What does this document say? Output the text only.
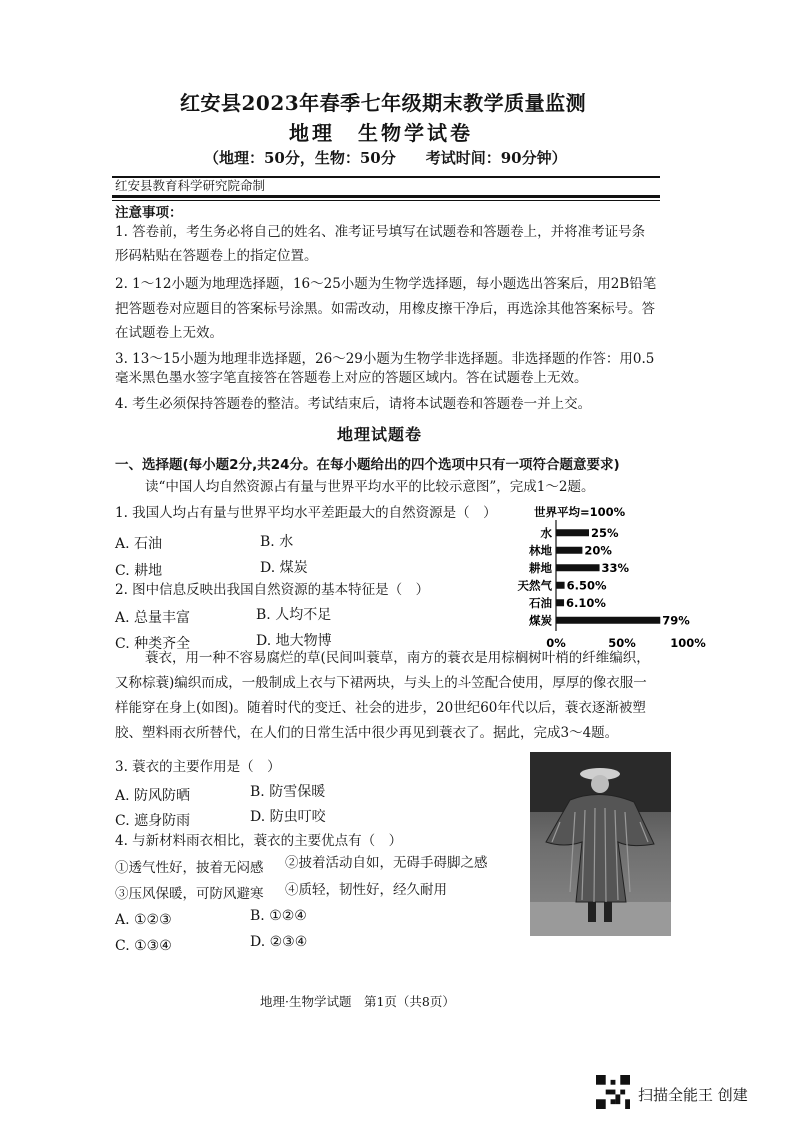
红安县2023年春季七年级期末教学质量监测
地理　生物学试卷
（地理：50分，生物：50分　　考试时间：90分钟）
红安县教育科学研究院命制
注意事项：
1. 答卷前，考生务必将自己的姓名、准考证号填写在试题卷和答题卷上，并将准考证号条
形码粘贴在答题卷上的指定位置。
2. 1～12小题为地理选择题，16～25小题为生物学选择题，每小题选出答案后，用2B铅笔
把答题卷对应题目的答案标号涂黑。如需改动，用橡皮擦干净后，再选涂其他答案标号。答
在试题卷上无效。
3. 13～15小题为地理非选择题，26～29小题为生物学非选择题。非选择题的作答：用0.5
毫米黑色墨水签字笔直接答在答题卷上对应的答题区域内。答在试题卷上无效。
4. 考生必须保持答题卷的整洁。考试结束后，请将本试题卷和答题卷一并上交。
地理试题卷
一、选择题(每小题2分,共24分。在每小题给出的四个选项中只有一项符合题意要求)
读“中国人均自然资源占有量与世界平均水平的比较示意图”，完成1～2题。
1. 我国人均占有量与世界平均水平差距最大的自然资源是（　）
A. 石油	B. 水
C. 耕地	D. 煤炭
2. 图中信息反映出我国自然资源的基本特征是（　）
A. 总量丰富	B. 人均不足
C. 种类齐全	D. 地大物博
世界平均=100%
水	25%
林地	20%
耕地	33%
天然气 6.50%
石油 6.10%
煤炭	79%
0%	50%	100%
蓑衣，用一种不容易腐烂的草(民间叫蓑草，南方的蓑衣是用棕榈树叶梢的纤维编织，
又称棕蓑)编织而成，一般制成上衣与下裙两块，与头上的斗笠配合使用，厚厚的像衣服一
样能穿在身上(如图)。随着时代的变迁、社会的进步，20世纪60年代以后，蓑衣逐渐被塑
胶、塑料雨衣所替代，在人们的日常生活中很少再见到蓑衣了。据此，完成3～4题。
3. 蓑衣的主要作用是（　）
A. 防风防晒	B. 防雪保暖
C. 遮身防雨	D. 防虫叮咬
4. 与新材料雨衣相比，蓑衣的主要优点有（　）
①透气性好，披着无闷感 ②披着活动自如，无碍手碍脚之感
③压风保暖，可防风避寒 ④质轻，韧性好，经久耐用
A. ①②③	B. ①②④
C. ①③④	D. ②③④
地理·生物学试题　第1页（共8页）
扫描全能王 创建
